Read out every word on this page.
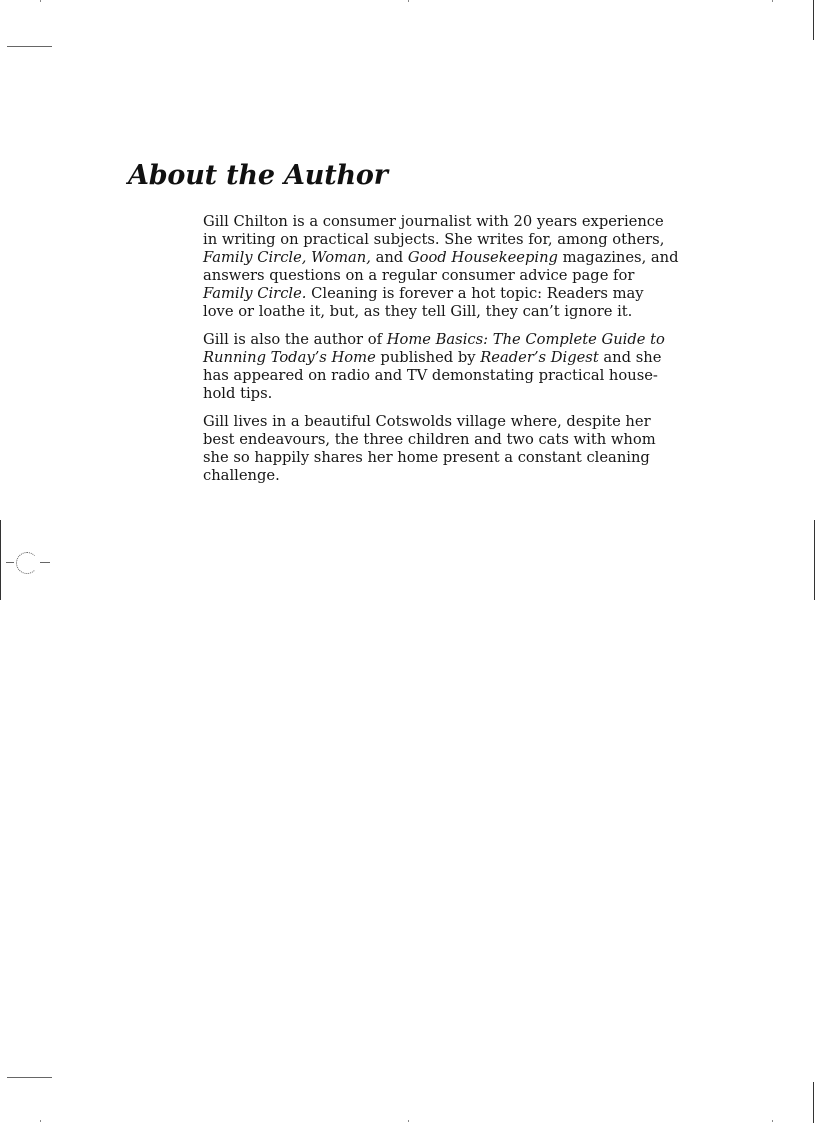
About the Author

Gill Chilton is a consumer journalist with 20 years experience
in writing on practical subjects. She writes for, among others,
Family Circle, Woman, and Good Housekeeping magazines, and
answers questions on a regular consumer advice page for
Family Circle. Cleaning is forever a hot topic: Readers may
love or loathe it, but, as they tell Gill, they can’t ignore it.

Gill is also the author of Home Basics: The Complete Guide to
Running Today’s Home published by Reader’s Digest and she
has appeared on radio and TV demonstating practical house-
hold tips.

Gill lives in a beautiful Cotswolds village where, despite her
best endeavours, the three children and two cats with whom
she so happily shares her home present a constant cleaning
challenge.
